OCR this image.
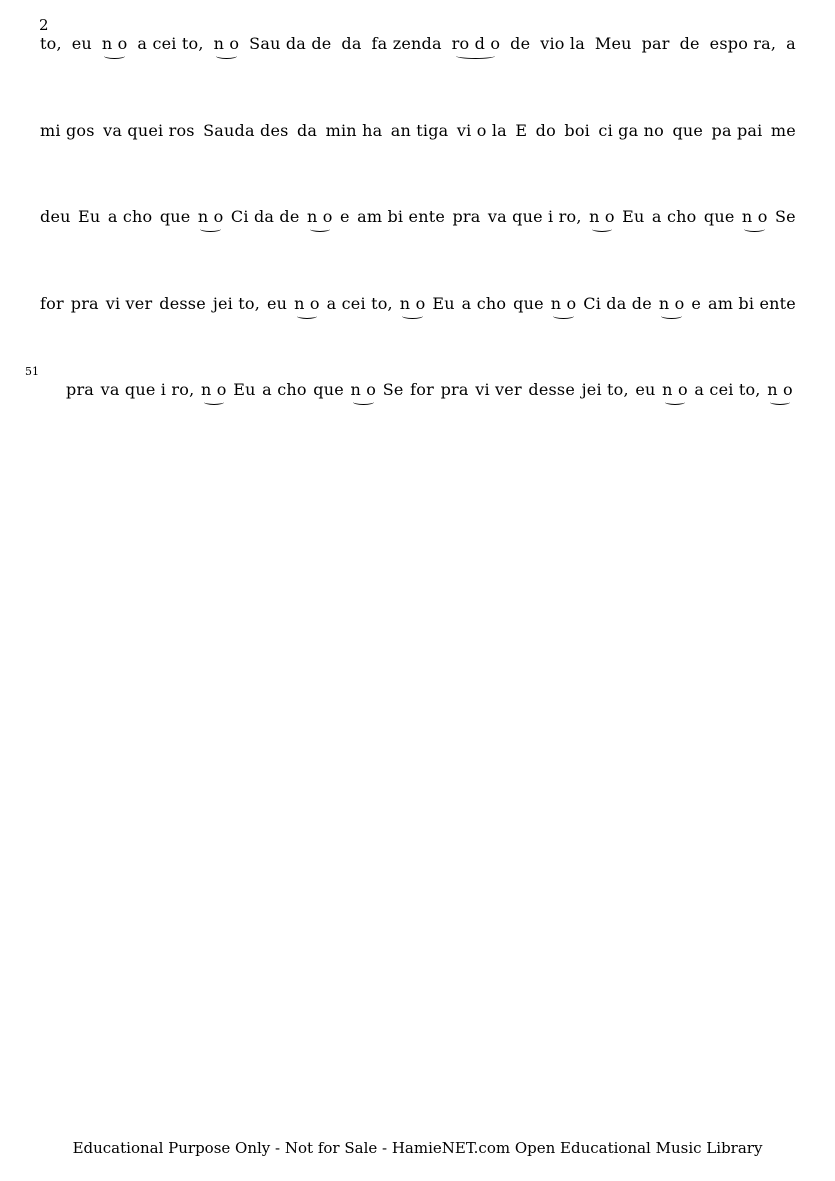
2
51
to, eu n o a cei to, n o Sau da de da fa zenda ro d o de vio la Meu par de espo ra, a
mi gos va quei ros Sauda des da min ha an tiga vi o la E do boi ci ga no que pa pai me
deu Eu a cho que n o Ci da de n o e am bi ente pra va que i ro, n o Eu a cho que n o Se
for pra vi ver desse jei to, eu n o a cei to, n o Eu a cho que n o Ci da de n o e am bi ente
pra va que i ro, n o Eu a cho que n o Se for pra vi ver desse jei to, eu n o a cei to, n o
Educational Purpose Only - Not for Sale - HamieNET.com Open Educational Music Library
